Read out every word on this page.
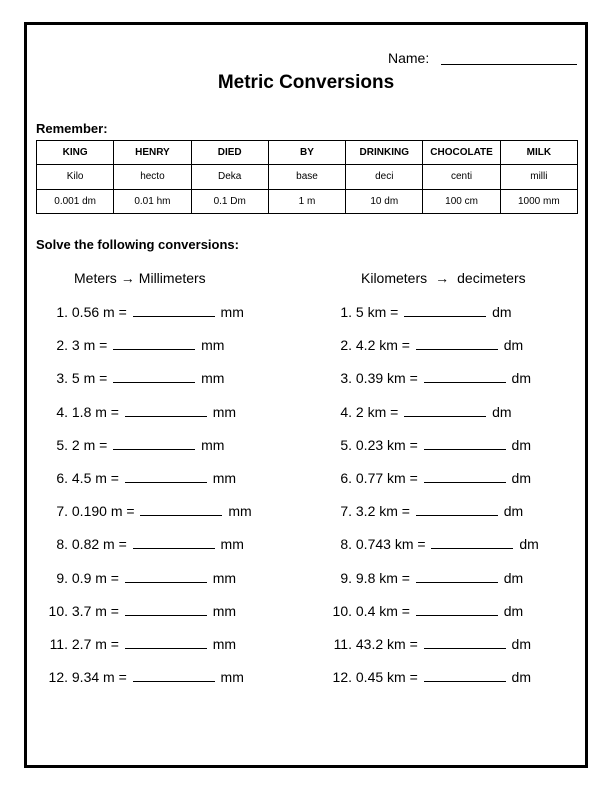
Name:
Metric Conversions
Remember:
KING	HENRY	DIED	BY	DRINKING	CHOCOLATE	MILK
Kilo	hecto	Deka	base	deci	centi	milli
0.001 dm	0.01 hm	0.1 Dm	1 m	10 dm	100 cm	1000 mm
Solve the following conversions:
Meters → Millimeters	Kilometers → decimeters
1. 0.56 m =	mm
2. 3 m =	mm
3. 5 m =	mm
4. 1.8 m =	mm
5. 2 m =	mm
6. 4.5 m =	mm
7. 0.190 m =	mm
8. 0.82 m =	mm
9. 0.9 m =	mm
10. 3.7 m =	mm
11. 2.7 m =	mm
12. 9.34 m =	mm
1. 5 km =	dm
2. 4.2 km =	dm
3. 0.39 km =	dm
4. 2 km =	dm
5. 0.23 km =	dm
6. 0.77 km =	dm
7. 3.2 km =	dm
8. 0.743 km =	dm
9. 9.8 km =	dm
10. 0.4 km =	dm
11. 43.2 km =	dm
12. 0.45 km =	dm
